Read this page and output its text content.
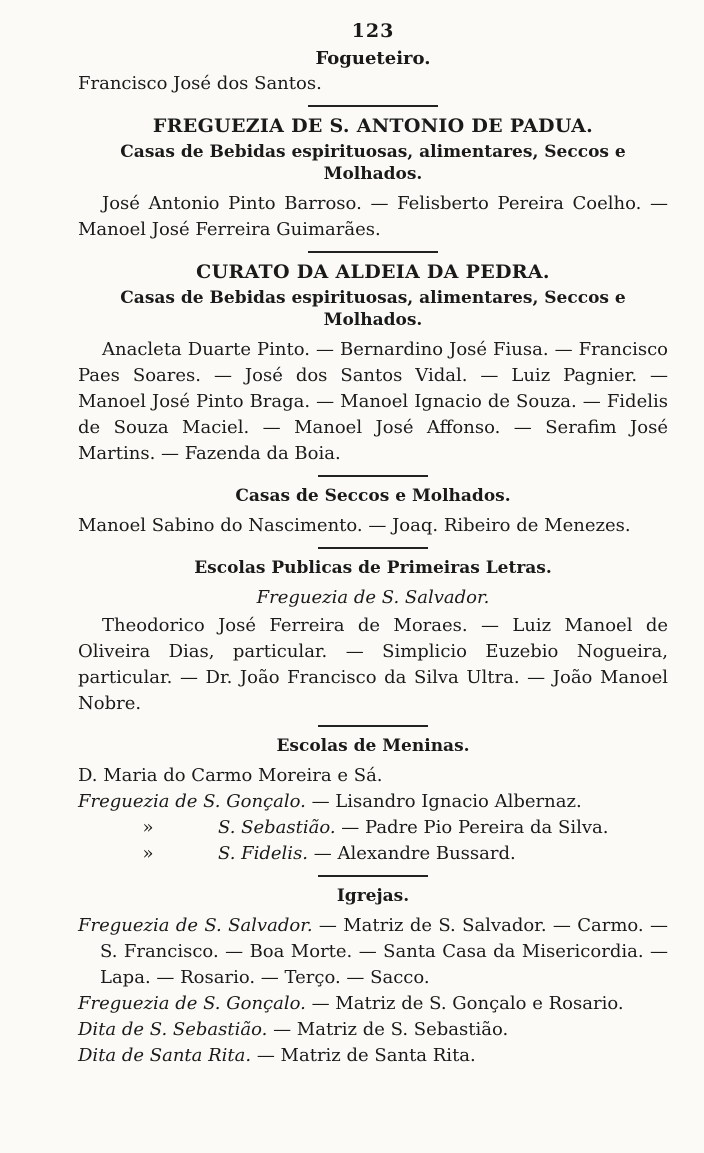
123
Fogueteiro.

Francisco José dos Santos.

FREGUEZIA DE S. ANTONIO DE PADUA.
Casas de Bebidas espirituosas, alimentares, Seccos e Molhados.

José Antonio Pinto Barroso. — Felisberto Pereira Coelho. — Manoel José Ferreira Guimarães.

CURATO DA ALDEIA DA PEDRA.
Casas de Bebidas espirituosas, alimentares, Seccos e Molhados.

Anacleta Duarte Pinto. — Bernardino José Fiusa. — Francisco Paes Soares. — José dos Santos Vidal. — Luiz Pagnier. — Manoel José Pinto Braga. — Manoel Ignacio de Souza. — Fidelis de Souza Maciel. — Manoel José Affonso. — Serafim José Martins. — Fazenda da Boia.

Casas de Seccos e Molhados.

Manoel Sabino do Nascimento. — Joaq. Ribeiro de Menezes.

Escolas Publicas de Primeiras Letras.
Freguezia de S. Salvador.

Theodorico José Ferreira de Moraes. — Luiz Manoel de Oliveira Dias, particular. — Simplicio Euzebio Nogueira, particular. — Dr. João Francisco da Silva Ultra. — João Manoel Nobre.

Escolas de Meninas.

D. Maria do Carmo Moreira e Sá.

Freguezia de S. Gonçalo. — Lisandro Ignacio Albernaz.

»	S. Sebastião. — Padre Pio Pereira da Silva.

»	S. Fidelis. — Alexandre Bussard.

Igrejas.

Freguezia de S. Salvador. — Matriz de S. Salvador. — Carmo. — S. Francisco. — Boa Morte. — Santa Casa da Misericordia. — Lapa. — Rosario. — Terço. — Sacco.

Freguezia de S. Gonçalo. — Matriz de S. Gonçalo e Rosario.

Dita de S. Sebastião. — Matriz de S. Sebastião.

Dita de Santa Rita. — Matriz de Santa Rita.
